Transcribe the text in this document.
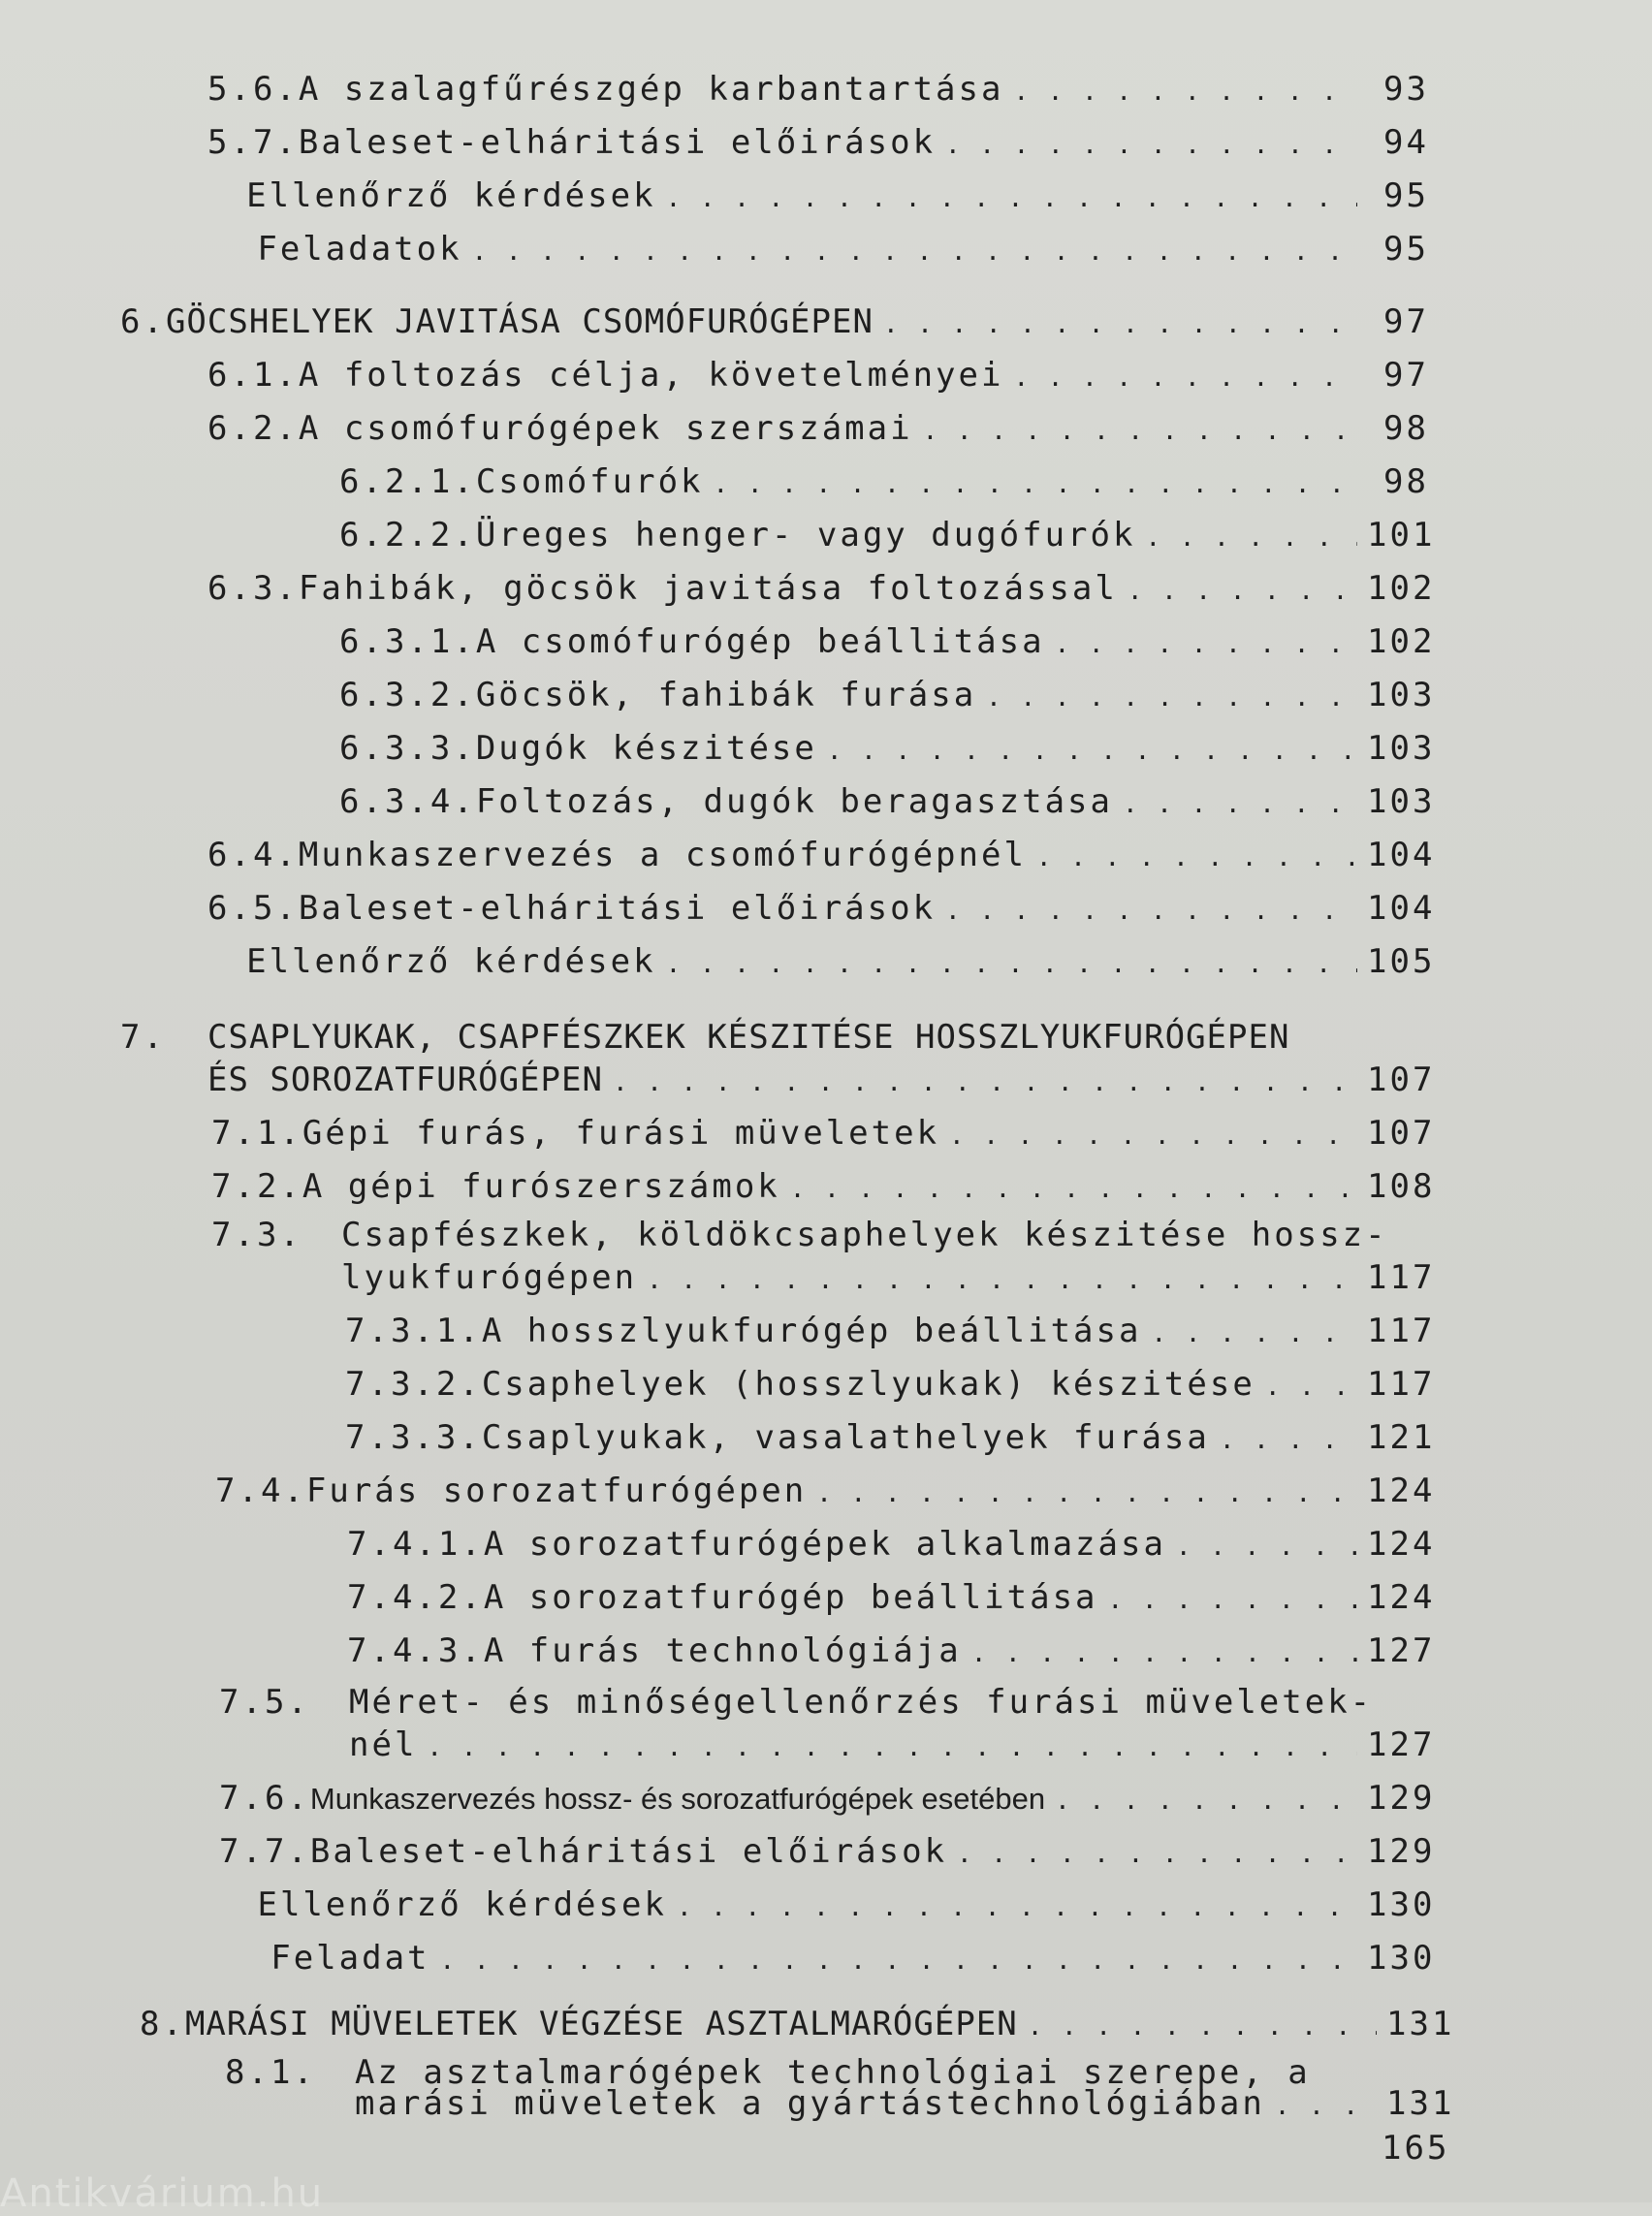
5.6. A szalagfűrészgép karbantartása . . .	93
5.7. Baleset-elháritási előirások . . .	94
Ellenőrző kérdések . . .	95
Feladatok . . .	95
6. GÖCSHELYEK JAVITÁSA CSOMÓFURÓGÉPEN . . .	97
6.1. A foltozás célja, követelményei . . .	97
6.2. A csomófurógépek szerszámai . . .	98
6.2.1. Csomófurók . . .	98
6.2.2. Üreges henger- vagy dugófurók . . .	101
6.3. Fahibák, göcsök javitása foltozással . . .	102
6.3.1. A csomófurógép beállitása . . .	102
6.3.2. Göcsök, fahibák furása . . .	103
6.3.3. Dugók készitése . . .	103
6.3.4. Foltozás, dugók beragasztása . . .	103
6.4. Munkaszervezés a csomófurógépnél . . .	104
6.5. Baleset-elháritási előirások . . .	104
Ellenőrző kérdések . . .	105
7. CSAPLYUKAK, CSAPFÉSZKEK KÉSZITÉSE HOSSZLYUKFURÓGÉPEN
ÉS SOROZATFURÓGÉPEN . . .	107
7.1. Gépi furás, furási müveletek . . .	107
7.2. A gépi furószerszámok . . .	108
7.3. Csapfészkek, köldökcsaphelyek készitése hossz-
lyukfurógépen . . .	117
7.3.1. A hosszlyukfurógép beállitása . . .	117
7.3.2. Csaphelyek (hosszlyukak) készitése . . .	117
7.3.3. Csaplyukak, vasalathelyek furása . . .	121
7.4. Furás sorozatfurógépen . . .	124
7.4.1. A sorozatfurógépek alkalmazása . . .	124
7.4.2. A sorozatfurógép beállitása . . .	124
7.4.3. A furás technológiája . . .	127
7.5. Méret- és minőségellenőrzés furási müveletek-
nél . . .	127
7.6. Munkaszervezés hossz- és sorozatfurógépek esetében . . .	129
7.7. Baleset-elháritási előirások . . .	129
Ellenőrző kérdések . . .	130
Feladat . . .	130
8. MARÁSI MÜVELETEK VÉGZÉSE ASZTALMARÓGÉPEN . . .	131
8.1. Az asztalmarógépek technológiai szerepe, a
marási müveletek a gyártástechnológiában . . .	131
165
Antikvárium.hu
